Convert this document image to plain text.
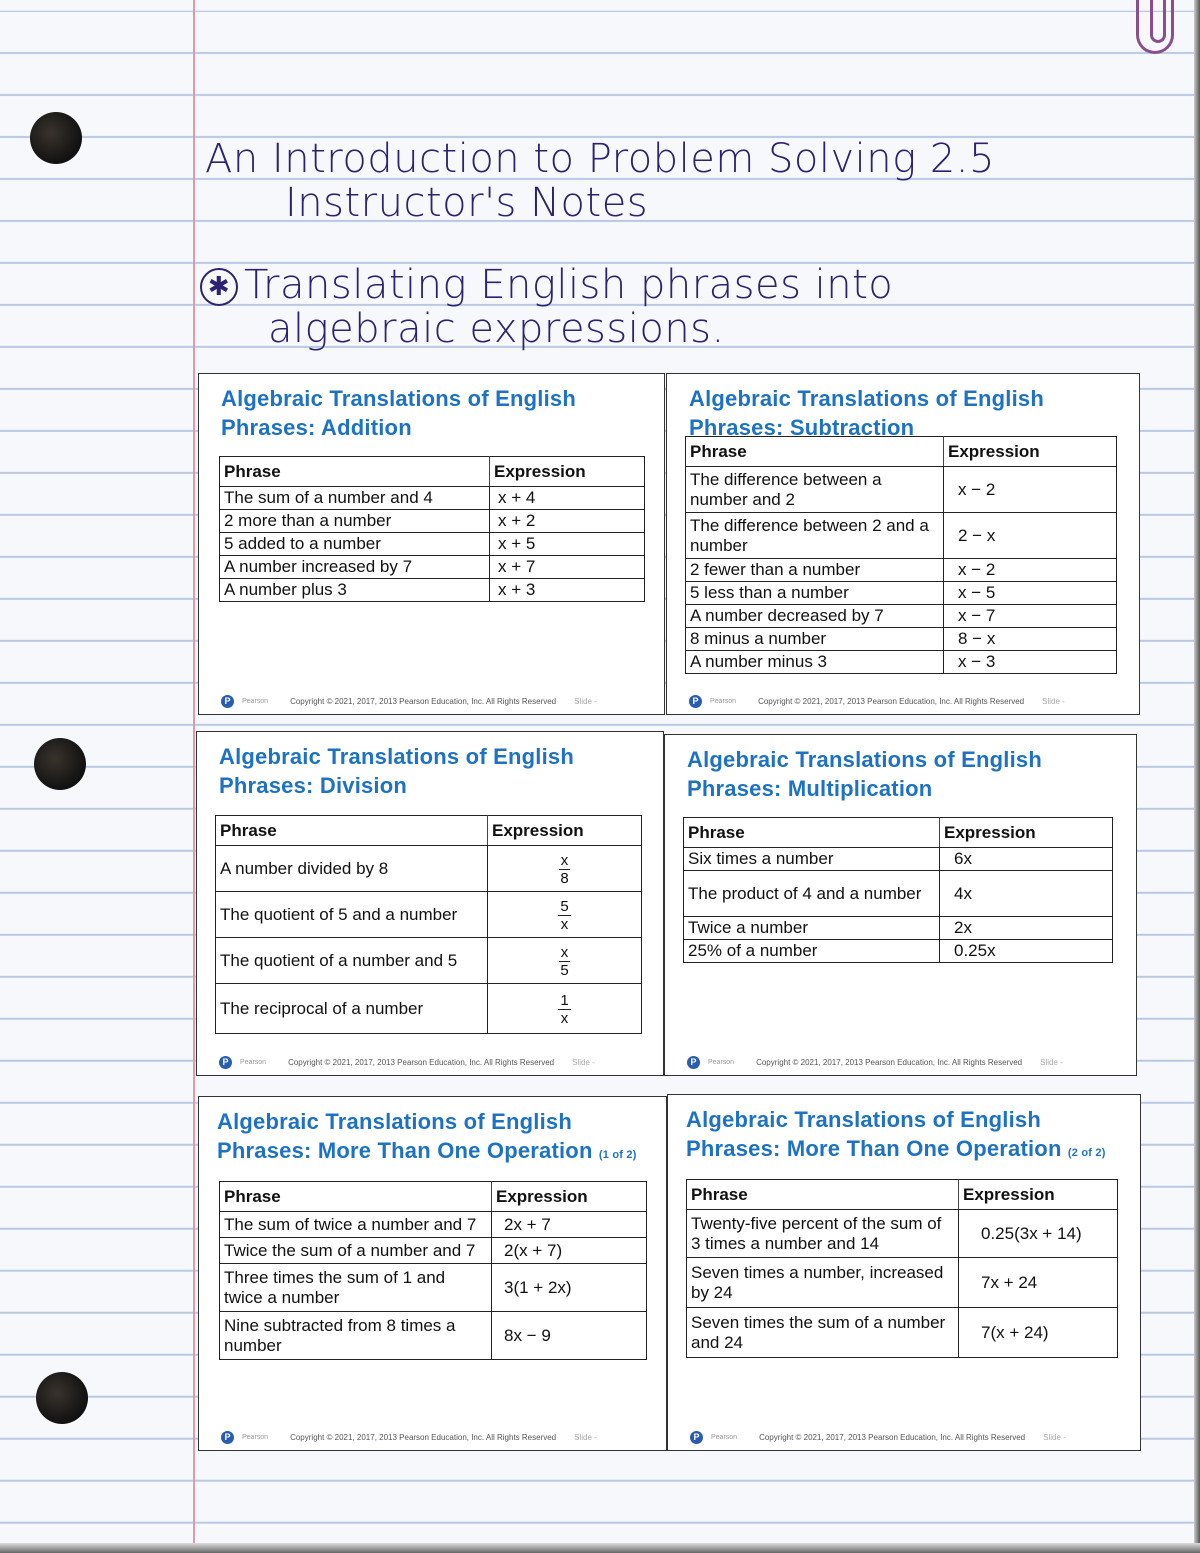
An Introduction to Problem Solving 2.5
Instructor's Notes
✱ Translating English phrases into
algebraic expressions.
Algebraic Translations of English
Phrases: Addition
Phrase	Expression
The sum of a number and 4	x + 4
2 more than a number	x + 2
5 added to a number	x + 5
A number increased by 7	x + 7
A number plus 3	x + 3
P	Pearson	Copyright © 2021, 2017, 2013 Pearson Education, Inc. All Rights Reserved Slide -
Algebraic Translations of English
Phrases: Subtraction
Phrase	Expression
The difference between a number and 2	x − 2
The difference between 2 and a number	2 − x
2 fewer than a number	x − 2
5 less than a number	x − 5
A number decreased by 7	x − 7
8 minus a number	8 − x
A number minus 3	x − 3
P	Pearson	Copyright © 2021, 2017, 2013 Pearson Education, Inc. All Rights Reserved Slide -
Algebraic Translations of English
Phrases: Division
Phrase	Expression
A number divided by 8	$\frac{x}{8}$

The quotient of 5 and a number	$\frac{5}{x}$

The quotient of a number and 5	$\frac{x}{5}$

The reciprocal of a number	$\frac{1}{x}$
P	Pearson	Copyright © 2021, 2017, 2013 Pearson Education, Inc. All Rights Reserved Slide -
Algebraic Translations of English
Phrases: Multiplication
Phrase	Expression
Six times a number	6x
The product of 4 and a number	4x
Twice a number	2x
25% of a number	0.25x
P	Pearson	Copyright © 2021, 2017, 2013 Pearson Education, Inc. All Rights Reserved Slide -
Algebraic Translations of English
Phrases: More Than One Operation (1 of 2)
Phrase	Expression
The sum of twice a number and 7	2x + 7
Twice the sum of a number and 7	2(x + 7)
Three times the sum of 1 and twice a number	3(1 + 2x)
Nine subtracted from 8 times a number	8x − 9
P	Pearson	Copyright © 2021, 2017, 2013 Pearson Education, Inc. All Rights Reserved Slide -
Algebraic Translations of English
Phrases: More Than One Operation (2 of 2)
Phrase	Expression
Twenty-five percent of the sum of 3 times a number and 14	0.25(3x + 14)
Seven times a number, increased by 24	7x + 24
Seven times the sum of a number and 24	7(x + 24)
P	Pearson	Copyright © 2021, 2017, 2013 Pearson Education, Inc. All Rights Reserved Slide -
